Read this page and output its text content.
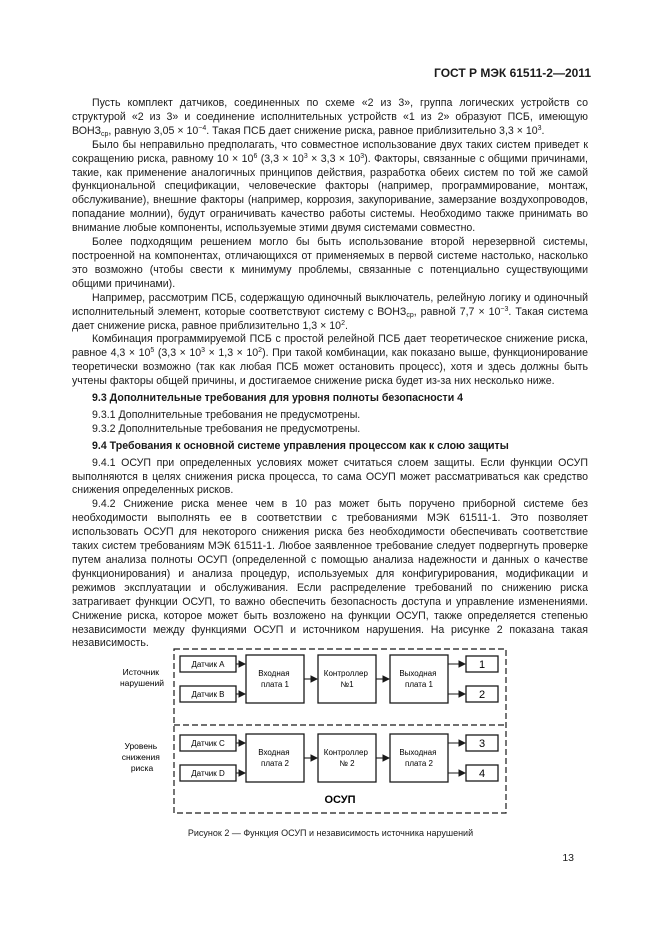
ГОСТ Р МЭК 61511-2—2011

Пусть комплект датчиков, соединенных по схеме «2 из 3», группа логических устройств со структурой «2 из 3» и соединение исполнительных устройств «1 из 2» образуют ПСБ, имеющую $ВОНЗ_{ср}$, равную $3,05 \times 10^{-4}$. Такая ПСБ дает снижение риска, равное приблизительно $3,3 \times 10^3$.

Было бы неправильно предполагать, что совместное использование двух таких систем приведет к сокращению риска, равному $10 \times 10^6$ $(3,3 \times 10^3 \times 3,3 \times 10^3)$. Факторы, связанные с общими причинами, такие, как применение аналогичных принципов действия, разработка обеих систем по той же самой функциональной спецификации, человеческие факторы (например, программирование, монтаж, обслуживание), внешние факторы (например, коррозия, закупоривание, замерзание воздухопроводов, попадание молнии), будут ограничивать качество работы системы. Необходимо также принимать во внимание любые компоненты, используемые этими двумя системами совместно.

Более подходящим решением могло бы быть использование второй нерезервной системы, построенной на компонентах, отличающихся от применяемых в первой системе настолько, насколько это возможно (чтобы свести к минимуму проблемы, связанные с потенциально существующими общими причинами).

Например, рассмотрим ПСБ, содержащую одиночный выключатель, релейную логику и одиночный исполнительный элемент, которые соответствуют систему с $ВОНЗ_{ср}$, равной $7,7 \times 10^{-3}$. Такая система дает снижение риска, равное приблизительно $1,3 \times 10^2$.

Комбинация программируемой ПСБ с простой релейной ПСБ дает теоретическое снижение риска, равное $4,3 \times 10^5$ $(3,3 \times 10^3 \times 1,3 \times 10^2)$. При такой комбинации, как показано выше, функционирование теоретически возможно (так как любая ПСБ может остановить процесс), хотя и здесь должны быть учтены факторы общей причины, и достигаемое снижение риска будет из-за них несколько ниже.

9.3 Дополнительные требования для уровня полноты безопасности 4

9.3.1 Дополнительные требования не предусмотрены.

9.3.2 Дополнительные требования не предусмотрены.

9.4 Требования к основной системе управления процессом как к слою защиты

9.4.1 ОСУП при определенных условиях может считаться слоем защиты. Если функции ОСУП выполняются в целях снижения риска процесса, то сама ОСУП может рассматриваться как средство снижения определенных рисков.

9.4.2 Снижение риска менее чем в 10 раз может быть поручено приборной системе без необходимости выполнять ее в соответствии с требованиями МЭК 61511-1. Это позволяет использовать ОСУП для некоторого снижения риска без необходимости обеспечивать соответствие таких систем требованиям МЭК 61511-1. Любое заявленное требование следует подвергнуть проверке путем анализа полноты ОСУП (определенной с помощью анализа надежности и данных о качестве функционирования) и анализа процедур, используемых для конфигурирования, модификации и режимов эксплуатации и обслуживания. Если распределение требований по снижению риска затрагивает функции ОСУП, то важно обеспечить безопасность доступа и управление изменениями. Снижение риска, которое может быть возложено на функции ОСУП, также определяется степенью независимости между функциями ОСУП и источником нарушения. На рисунке 2 показана такая независимость.

Источник нарушений
Уровень снижения риска
Датчик А
Датчик В
Входная плата 1
Контроллер №1
Выходная плата 1
1
2
Датчик С
Датчик D
Входная плата 2
Контроллер № 2
Выходная плата 2
3
4
ОСУП
Рисунок 2 — Функция ОСУП и независимость источника нарушений
13
